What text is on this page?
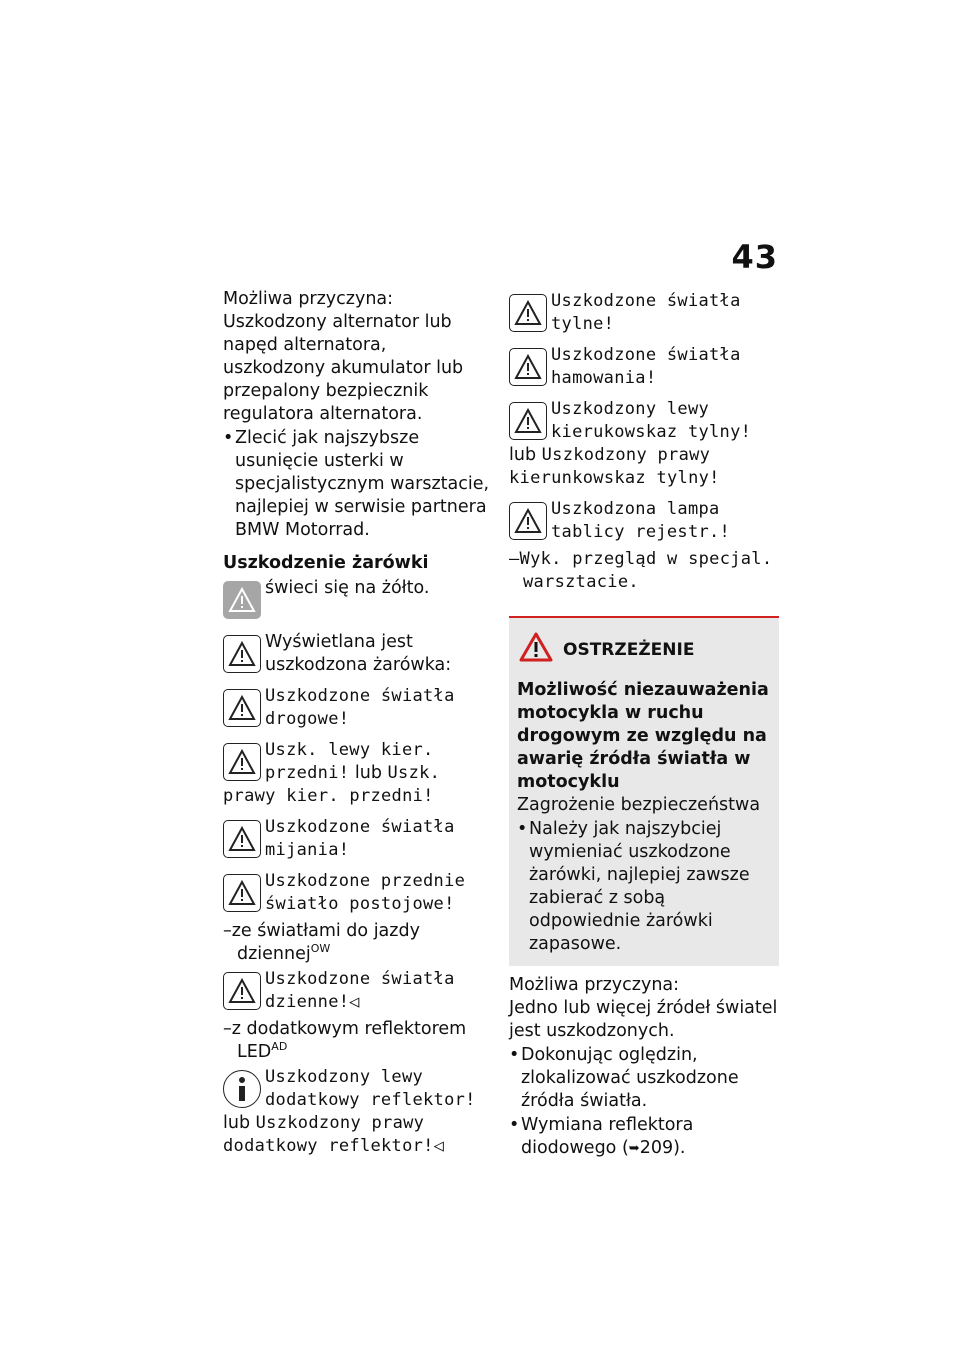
43

Możliwa przyczyna:

Uszkodzony alternator lub napęd alternatora, uszkodzony akumulator lub przepalony bezpiecznik regulatora alternatora.

• Zlecić jak najszybsze usunięcie usterki w specjalistycznym warsztacie, najlepiej w serwisie partnera BMW Motorrad.

Uszkodzenie żarówki

świeci się na żółto.
Wyświetlana jest uszkodzona żarówka:
Uszkodzone światła drogowe!
Uszk. lewy kier. przedni! lub Uszk. prawy kier. przedni!
Uszkodzone światła mijania!
Uszkodzone przednie światło postojowe!

–ze światłami do jazdy dziennej$^{OW}$

Uszkodzone światła dzienne!◁

–z dodatkowym reflektorem $LED^{AD}$

Uszkodzony lewy dodatkowy reflektor! lub Uszkodzony prawy dodatkowy reflektor!◁
Uszkodzone światła tylne!
Uszkodzone światła hamowania!
Uszkodzony lewy kierukowskaz tylny! lub Uszkodzony prawy kierunkowskaz tylny!
Uszkodzona lampa tablicy rejestr.!

–Wyk. przegląd w specjal. warsztacie.

OSTRZEŻENIE

Możliwość niezauważenia motocykla w ruchu drogowym ze względu na awarię źródła światła w motocyklu

Zagrożenie bezpieczeństwa

• Należy jak najszybciej wymieniać uszkodzone żarówki, najlepiej zawsze zabierać z sobą odpowiednie żarówki zapasowe.

Możliwa przyczyna:

Jedno lub więcej źródeł światel jest uszkodzonych.

• Dokonując oględzin, zlokalizować uszkodzone źródła światła.

• Wymiana reflektora diodowego (➥209).
